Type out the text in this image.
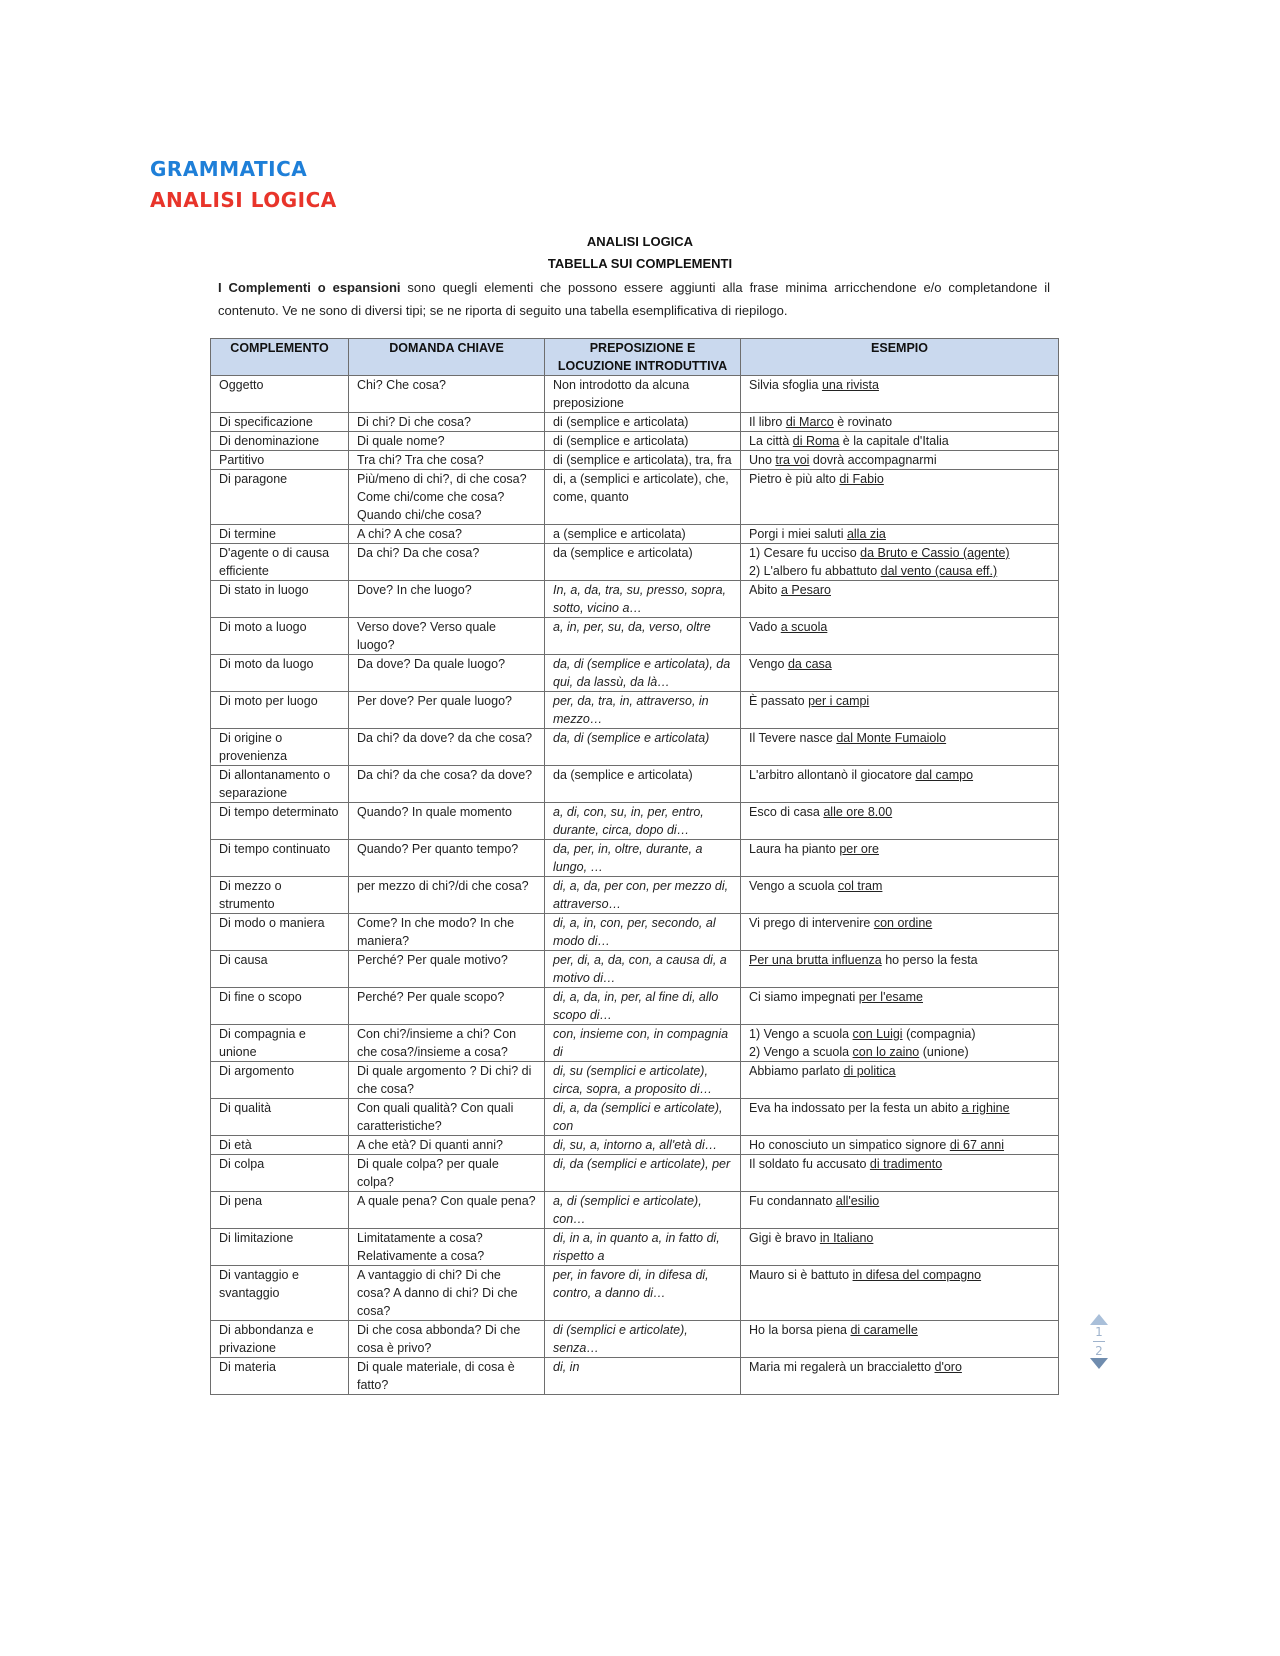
GRAMMATICA
ANALISI LOGICA
ANALISI LOGICA
TABELLA SUI COMPLEMENTI
I Complementi o espansioni sono quegli elementi che possono essere aggiunti alla frase minima arricchendone e/o completandone il contenuto. Ve ne sono di diversi tipi; se ne riporta di seguito una tabella esemplificativa di riepilogo.
COMPLEMENTO	DOMANDA CHIAVE	PREPOSIZIONE E LOCUZIONE INTRODUTTIVA	ESEMPIO
Oggetto	Chi? Che cosa?	Non introdotto da alcuna preposizione	Silvia sfoglia una rivista

Di specificazione	Di chi? Di che cosa?	di (semplice e articolata)	Il libro di Marco è rovinato

Di denominazione	Di quale nome?	di (semplice e articolata)	La città di Roma è la capitale d'Italia

Partitivo	Tra chi? Tra che cosa?	di (semplice e articolata), tra, fra	Uno tra voi dovrà accompagnarmi

Di paragone	Più/meno di chi?, di che cosa? Come chi/come che cosa? Quando chi/che cosa?	di, a (semplici e articolate), che, come, quanto	Pietro è più alto di Fabio

Di termine	A chi? A che cosa?	a (semplice e articolata)	Porgi i miei saluti alla zia

D'agente o di causa efficiente	Da chi? Da che cosa?	da (semplice e articolata)	1) Cesare fu ucciso da Bruto e Cassio (agente)
2) L'albero fu abbattuto dal vento (causa eff.)

Di stato in luogo	Dove? In che luogo?	In, a, da, tra, su, presso, sopra, sotto, vicino a…	Abito a Pesaro

Di moto a luogo	Verso dove? Verso quale luogo?	a, in, per, su, da, verso, oltre	Vado a scuola

Di moto da luogo	Da dove? Da quale luogo?	da, di (semplice e articolata), da qui, da lassù, da là…	Vengo da casa

Di moto per luogo	Per dove? Per quale luogo?	per, da, tra, in, attraverso, in mezzo…	È passato per i campi

Di origine o provenienza	Da chi? da dove? da che cosa?	da, di (semplice e articolata)	Il Tevere nasce dal Monte Fumaiolo

Di allontanamento o separazione	Da chi? da che cosa? da dove?	da (semplice e articolata)	L'arbitro allontanò il giocatore dal campo

Di tempo determinato	Quando? In quale momento	a, di, con, su, in, per, entro, durante, circa, dopo di…	Esco di casa alle ore 8.00

Di tempo continuato	Quando? Per quanto tempo?	da, per, in, oltre, durante, a lungo, …	Laura ha pianto per ore

Di mezzo o strumento	per mezzo di chi?/di che cosa?	di, a, da, per con, per mezzo di, attraverso…	Vengo a scuola col tram

Di modo o maniera	Come? In che modo? In che maniera?	di, a, in, con, per, secondo, al modo di…	Vi prego di intervenire con ordine

Di causa	Perché? Per quale motivo?	per, di, a, da, con, a causa di, a motivo di…	Per una brutta influenza ho perso la festa

Di fine o scopo	Perché? Per quale scopo?	di, a, da, in, per, al fine di, allo scopo di…	Ci siamo impegnati per l'esame

Di compagnia e unione	Con chi?/insieme a chi? Con che cosa?/insieme a cosa?	con, insieme con, in compagnia di	1) Vengo a scuola con Luigi (compagnia)
2) Vengo a scuola con lo zaino (unione)

Di argomento	Di quale argomento ? Di chi? di che cosa?	di, su (semplici e articolate), circa, sopra, a proposito di…	Abbiamo parlato di politica

Di qualità	Con quali qualità? Con quali caratteristiche?	di, a, da (semplici e articolate), con	Eva ha indossato per la festa un abito a righine

Di età	A che età? Di quanti anni?	di, su, a, intorno a, all'età di…	Ho conosciuto un simpatico signore di 67 anni

Di colpa	Di quale colpa? per quale colpa?	di, da (semplici e articolate), per	Il soldato fu accusato di tradimento

Di pena	A quale pena? Con quale pena?	a, di (semplici e articolate), con…	Fu condannato all'esilio

Di limitazione	Limitatamente a cosa? Relativamente a cosa?	di, in a, in quanto a, in fatto di, rispetto a	Gigi è bravo in Italiano

Di vantaggio e svantaggio	A vantaggio di chi? Di che cosa? A danno di chi? Di che cosa?	per, in favore di, in difesa di, contro, a danno di…	Mauro si è battuto in difesa del compagno

Di abbondanza e privazione	Di che cosa abbonda? Di che cosa è privo?	di (semplici e articolate), senza…	Ho la borsa piena di caramelle

Di materia	Di quale materiale, di cosa è fatto?	di, in	Maria mi regalerà un braccialetto d'oro
1
2
